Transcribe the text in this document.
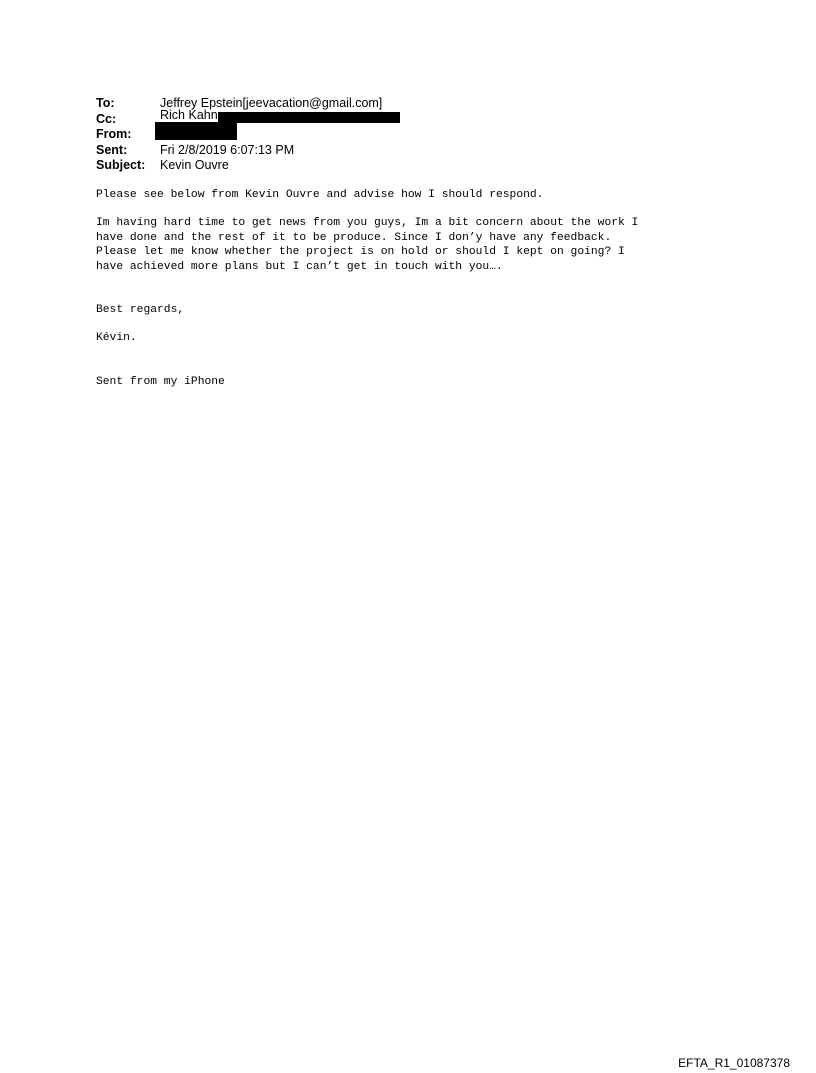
To:	Jeffrey Epstein[jeevacation@gmail.com]
Cc:	Rich Kahn
From:
Sent:	Fri 2/8/2019 6:07:13 PM
Subject:	Kevin Ouvre
Please see below from Kevin Ouvre and advise how I should respond.
Im having hard time to get news from you guys, Im a bit concern about the work I
have done and the rest of it to be produce. Since I don’y have any feedback.
Please let me know whether the project is on hold or should I kept on going? I
have achieved more plans but I can’t get in touch with you….
Best regards,
Kévin.
Sent from my iPhone
EFTA_R1_01087378
